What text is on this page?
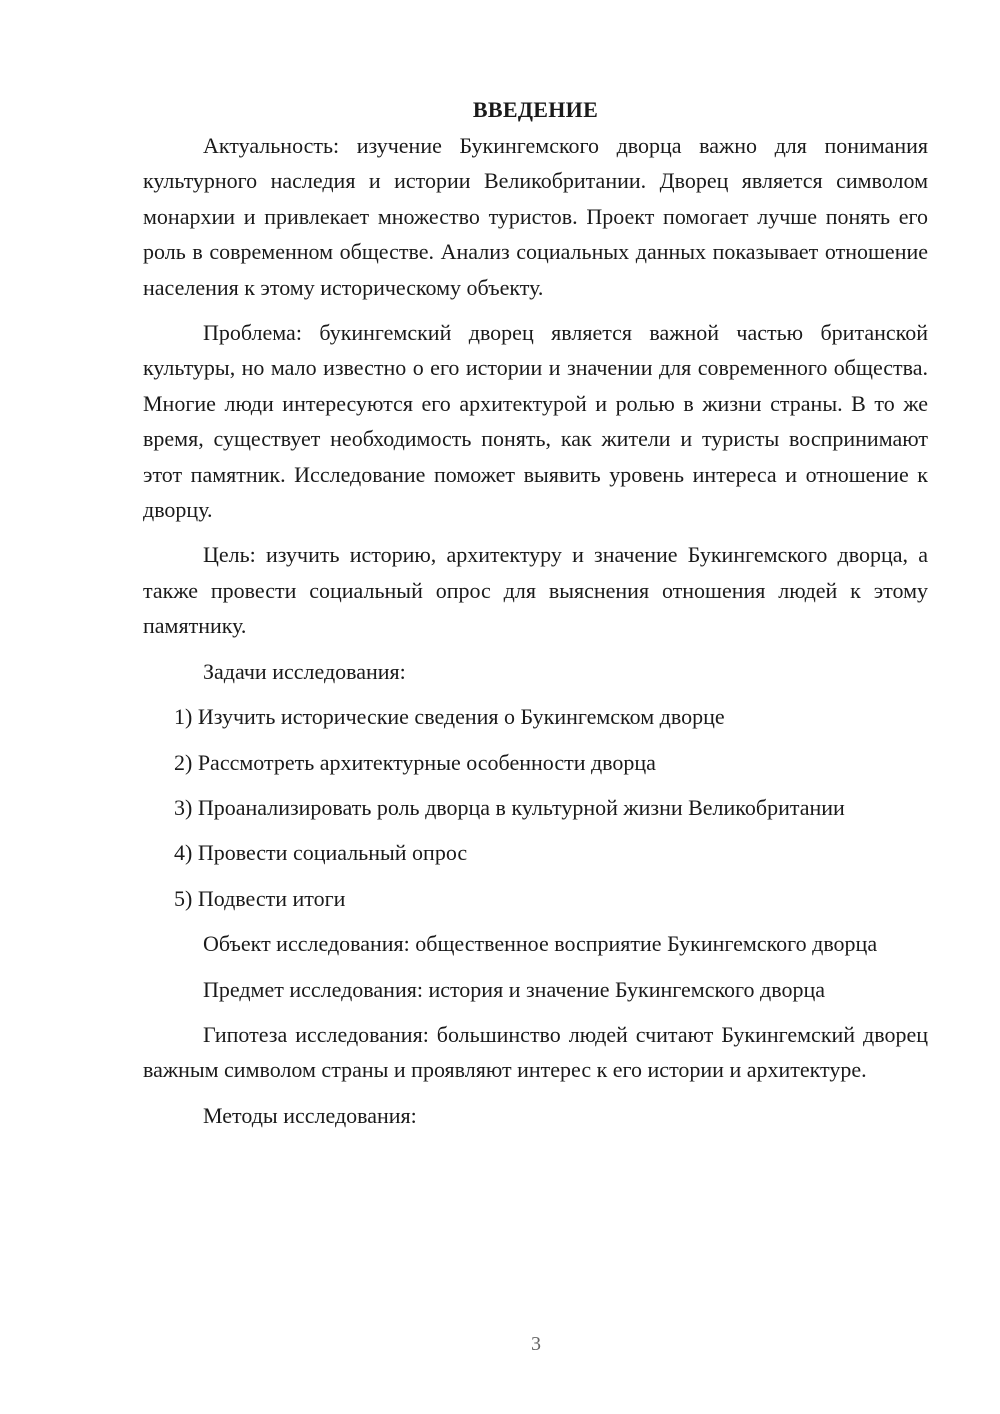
ВВЕДЕНИЕ

Актуальность: изучение Букингемского дворца важно для понимания культурного наследия и истории Великобритании. Дворец является символом монархии и привлекает множество туристов. Проект помогает лучше понять его роль в современном обществе. Анализ социальных данных показывает отношение населения к этому историческому объекту.

Проблема: букингемский дворец является важной частью британской культуры, но мало известно о его истории и значении для современного общества. Многие люди интересуются его архитектурой и ролью в жизни страны. В то же время, существует необходимость понять, как жители и туристы воспринимают этот памятник. Исследование поможет выявить уровень интереса и отношение к дворцу.

Цель: изучить историю, архитектуру и значение Букингемского дворца, а также провести социальный опрос для выяснения отношения людей к этому памятнику.

Задачи исследования:

1) Изучить исторические сведения о Букингемском дворце

2) Рассмотреть архитектурные особенности дворца

3) Проанализировать роль дворца в культурной жизни Великобритании

4) Провести социальный опрос

5) Подвести итоги

Объект исследования: общественное восприятие Букингемского дворца

Предмет исследования: история и значение Букингемского дворца

Гипотеза исследования: большинство людей считают Букингемский дворец важным символом страны и проявляют интерес к его истории и архитектуре.

Методы исследования:

3
